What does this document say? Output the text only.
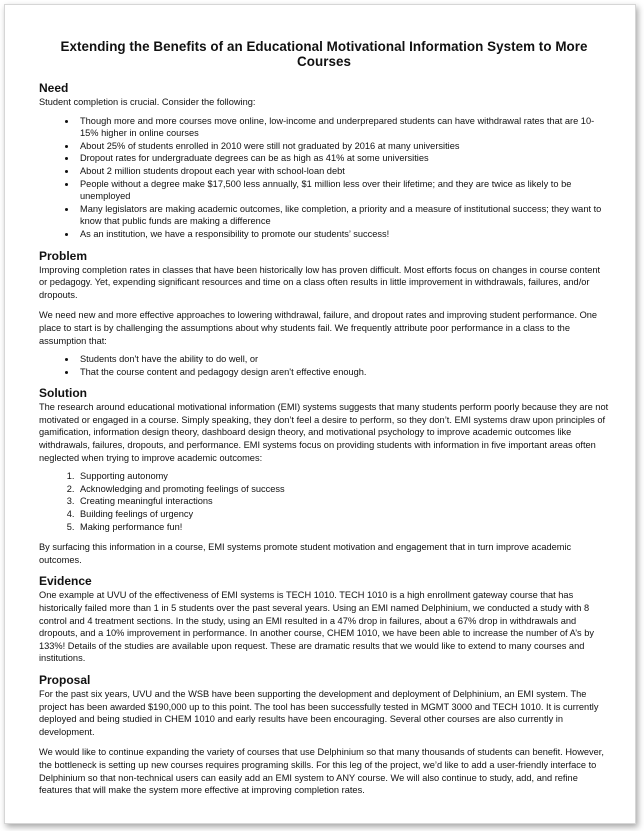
Extending the Benefits of an Educational Motivational Information System to More Courses
Need

Student completion is crucial. Consider the following:

• Though more and more courses move online, low-income and underprepared students can have withdrawal rates that are 10-15% higher in online courses
• About 25% of students enrolled in 2010 were still not graduated by 2016 at many universities
• Dropout rates for undergraduate degrees can be as high as 41% at some universities
• About 2 million students dropout each year with school-loan debt
• People without a degree make $17,500 less annually, $1 million less over their lifetime; and they are twice as likely to be unemployed
• Many legislators are making academic outcomes, like completion, a priority and a measure of institutional success; they want to know that public funds are making a difference
• As an institution, we have a responsibility to promote our students’ success!
Problem

Improving completion rates in classes that have been historically low has proven difficult. Most efforts focus on changes in course content or pedagogy. Yet, expending significant resources and time on a class often results in little improvement in withdrawals, failures, and/or dropouts.

We need new and more effective approaches to lowering withdrawal, failure, and dropout rates and improving student performance. One place to start is by challenging the assumptions about why students fail. We frequently attribute poor performance in a class to the assumption that:

• Students don't have the ability to do well, or
• That the course content and pedagogy design aren't effective enough.
Solution

The research around educational motivational information (EMI) systems suggests that many students perform poorly because they are not motivated or engaged in a course. Simply speaking, they don’t feel a desire to perform, so they don’t. EMI systems draw upon principles of gamification, information design theory, dashboard design theory, and motivational psychology to improve academic outcomes like withdrawals, failures, dropouts, and performance. EMI systems focus on providing students with information in five important areas often neglected when trying to improve academic outcomes:

1. Supporting autonomy
2. Acknowledging and promoting feelings of success
3. Creating meaningful interactions
4. Building feelings of urgency
5. Making performance fun!

By surfacing this information in a course, EMI systems promote student motivation and engagement that in turn improve academic outcomes.

Evidence

One example at UVU of the effectiveness of EMI systems is TECH 1010. TECH 1010 is a high enrollment gateway course that has historically failed more than 1 in 5 students over the past several years. Using an EMI named Delphinium, we conducted a study with 8 control and 4 treatment sections. In the study, using an EMI resulted in a 47% drop in failures, about a 67% drop in withdrawals and dropouts, and a 10% improvement in performance. In another course, CHEM 1010, we have been able to increase the number of A’s by 133%! Details of the studies are available upon request. These are dramatic results that we would like to extend to many courses and institutions.

Proposal

For the past six years, UVU and the WSB have been supporting the development and deployment of Delphinium, an EMI system. The project has been awarded $190,000 up to this point. The tool has been successfully tested in MGMT 3000 and TECH 1010. It is currently deployed and being studied in CHEM 1010 and early results have been encouraging. Several other courses are also currently in development.

We would like to continue expanding the variety of courses that use Delphinium so that many thousands of students can benefit. However, the bottleneck is setting up new courses requires programing skills. For this leg of the project, we’d like to add a user-friendly interface to Delphinium so that non-technical users can easily add an EMI system to ANY course. We will also continue to study, add, and refine features that will make the system more effective at improving completion rates.
